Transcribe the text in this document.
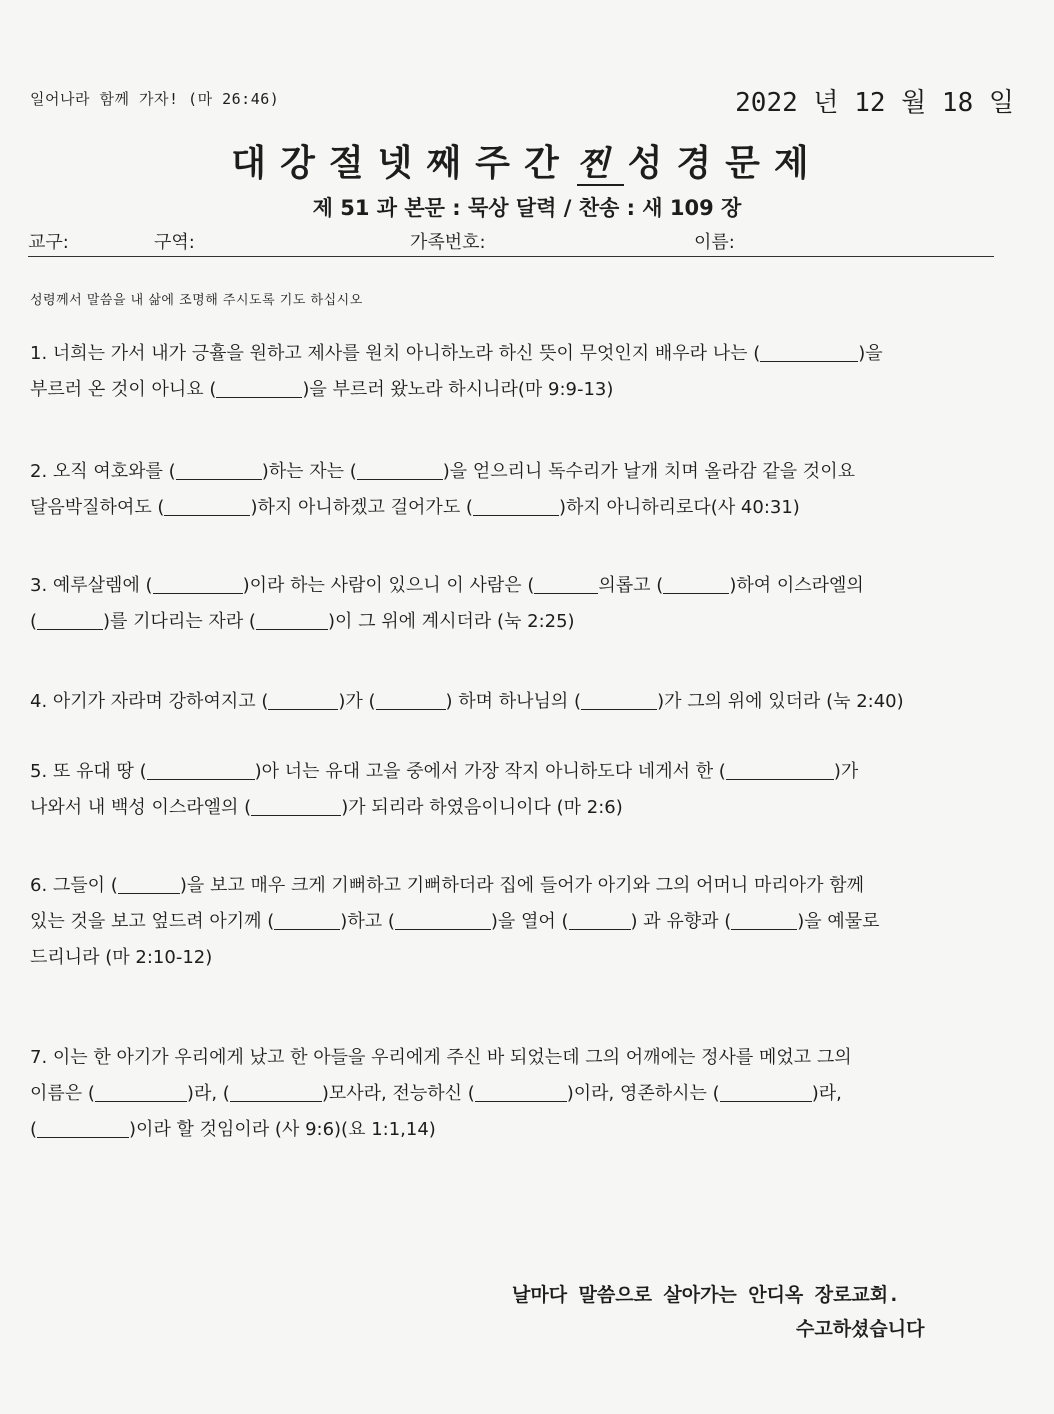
일어나라 함께 가자! (마 26:46)	2022 년 12 월 18 일
대강절넷째주간 찐 성경문제
제 51 과 본문 : 묵상 달력 / 찬송 : 새 109 장
교구:	구역:	가족번호:	이름:
성령께서 말씀을 내 삶에 조명해 주시도록 기도 하십시오
1. 너희는 가서 내가 긍휼을 원하고 제사를 원치 아니하노라 하신 뜻이 무엇인지 배우라 나는 (	)을
부르러 온 것이 아니요 (	)을 부르러 왔노라 하시니라(마 9:9-13)
2. 오직 여호와를 (	)하는 자는 (	)을 얻으리니 독수리가 날개 치며 올라감 같을 것이요
달음박질하여도 (	)하지 아니하겠고 걸어가도 (	)하지 아니하리로다(사 40:31)
3. 예루살렘에 (	)이라 하는 사람이 있으니 이 사람은 (	의롭고 (	)하여 이스라엘의
(	)를 기다리는 자라 (	)이 그 위에 계시더라 (눅 2:25)
4. 아기가 자라며 강하여지고 (	)가 (	) 하며 하나님의 (	)가 그의 위에 있더라 (눅 2:40)
5. 또 유대 땅 (	)아 너는 유대 고을 중에서 가장 작지 아니하도다 네게서 한 (	)가
나와서 내 백성 이스라엘의 (	)가 되리라 하였음이니이다 (마 2:6)
6. 그들이 (	)을 보고 매우 크게 기뻐하고 기뻐하더라 집에 들어가 아기와 그의 어머니 마리아가 함께
있는 것을 보고 엎드려 아기께 (	)하고 (	)을 열어 (	) 과 유향과 (	)을 예물로
드리니라 (마 2:10-12)
7. 이는 한 아기가 우리에게 났고 한 아들을 우리에게 주신 바 되었는데 그의 어깨에는 정사를 메었고 그의
이름은 (	)라, (	)모사라, 전능하신 (	)이라, 영존하시는 (	)라,
(	)이라 할 것임이라 (사 9:6)(요 1:1,14)
날마다 말씀으로 살아가는 안디옥 장로교회.
수고하셨습니다
